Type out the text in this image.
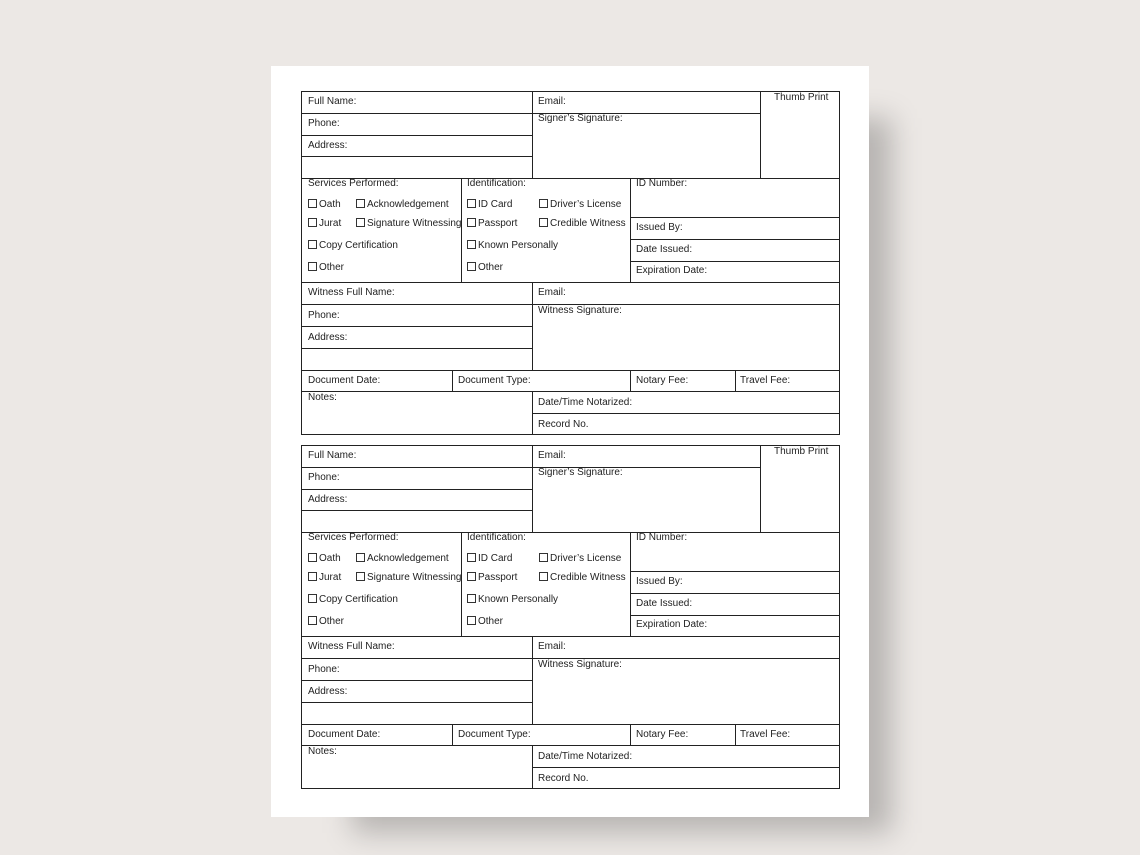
Full Name:	Email:	Thumb Print
Phone:	Signer’s Signature:
Address:
Services Performed:
Oath	Acknowledgement
Jurat	Signature Witnessing
Copy Certification
Other
Identification:
ID Card	Driver’s License
Passport	Credible Witness
Known Personally
Other
ID Number:
Issued By:
Date Issued:
Expiration Date:
Witness Full Name:	Email:
Phone:	Witness Signature:
Address:
Document Date:	Document Type:	Notary Fee:	Travel Fee:
Notes:	Date/Time Notarized:
Record No.
Full Name:	Email:	Thumb Print
Phone:	Signer’s Signature:
Address:
Services Performed:
Oath	Acknowledgement
Jurat	Signature Witnessing
Copy Certification
Other
Identification:
ID Card	Driver’s License
Passport	Credible Witness
Known Personally
Other
ID Number:
Issued By:
Date Issued:
Expiration Date:
Witness Full Name:	Email:
Phone:	Witness Signature:
Address:
Document Date:	Document Type:	Notary Fee:	Travel Fee:
Notes:	Date/Time Notarized:
Record No.
